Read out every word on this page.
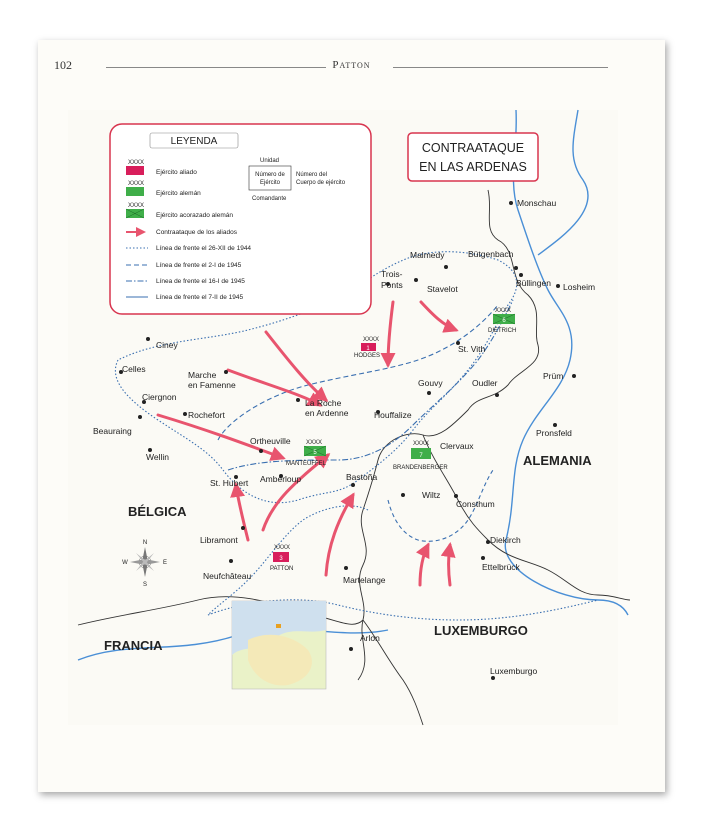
102	Patton
LEYENDA
XXXX
Ejército aliado
XXXX
Ejército alemán
XXXX
Ejército acorazado alemán
Contraataque de los aliados
Línea de frente el 26-XII de 1944
Línea de frente el 2-I de 1945
Línea de frente el 16-I de 1945
Línea de frente el 7-II de 1945
Unidad
Número de
Ejército
Comandante
Número del
Cuerpo de ejército
CONTRAATAQUE
EN LAS ARDENAS
BÉLGICA
ALEMANIA
FRANCIA
LUXEMBURGO
Monschau
Malmedy	Bütgenbach
Trois-
Ponts	Stavelot
Büllingen Losheim
Ciney	St. Vith
Celles
Marche
en Famenne
Prüm
Gouvy	Oudler
Ciergnon
La Roche
en Ardenne
Rochefort	Houffalize
Beauraing	Pronsfeld
Ortheuville	Clervaux
Wellin
Amberloup	Bastoña
St. Hubert
Wiltz
Consthum
Libramont	Diekirch
Neufchâteau
Ettelbrück
Martelange
Arlon
Luxemburgo
XXXX
1
HODGES
XXXX
6
DIETRICH
XXXX
5
MANTEUFFEL
XXXX
7
BRANDENBERGER
XXXX
3
PATTON
N
S
E
W
